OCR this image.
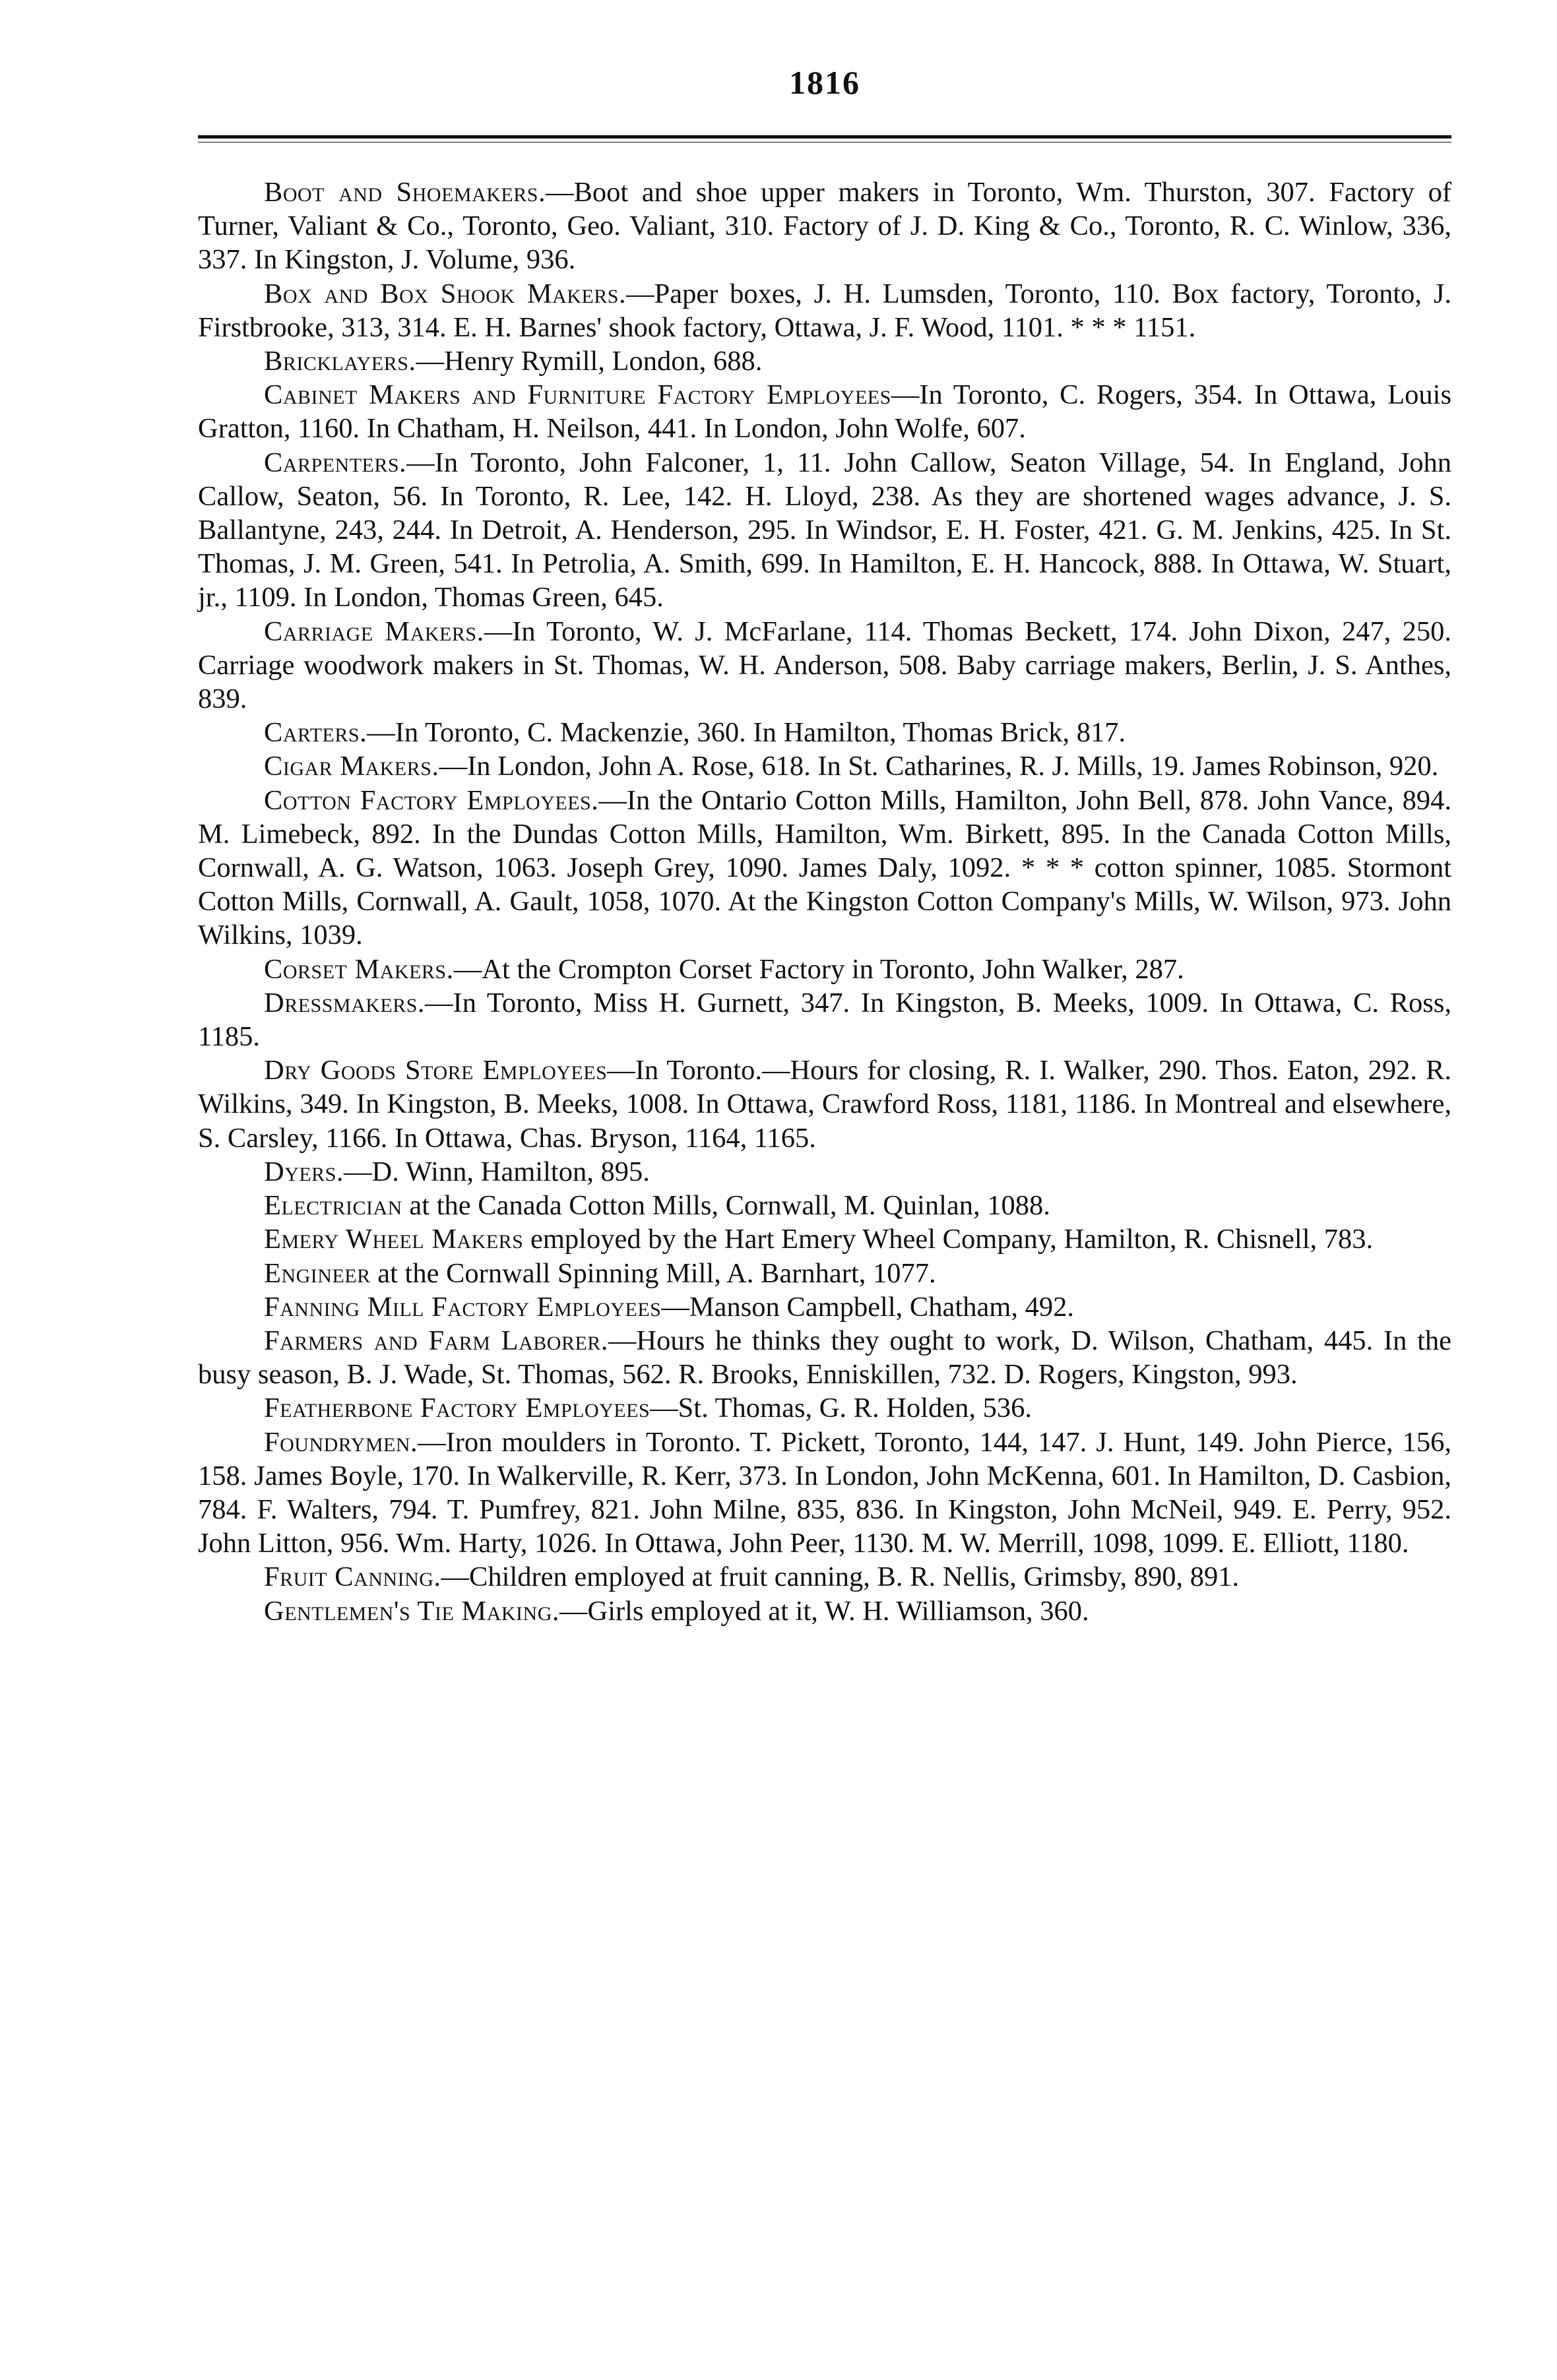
1816

Boot and Shoemakers.—Boot and shoe upper makers in Toronto, Wm. Thurston, 307. Factory of Turner, Valiant & Co., Toronto, Geo. Valiant, 310. Factory of J. D. King & Co., Toronto, R. C. Winlow, 336, 337. In Kingston, J. Volume, 936.

Box and Box Shook Makers.—Paper boxes, J. H. Lumsden, Toronto, 110. Box factory, Toronto, J. Firstbrooke, 313, 314. E. H. Barnes' shook factory, Ottawa, J. F. Wood, 1101. * * * 1151.

Bricklayers.—Henry Rymill, London, 688.

Cabinet Makers and Furniture Factory Employees—In Toronto, C. Rogers, 354. In Ottawa, Louis Gratton, 1160. In Chatham, H. Neilson, 441. In London, John Wolfe, 607.

Carpenters.—In Toronto, John Falconer, 1, 11. John Callow, Seaton Village, 54. In England, John Callow, Seaton, 56. In Toronto, R. Lee, 142. H. Lloyd, 238. As they are shortened wages advance, J. S. Ballantyne, 243, 244. In Detroit, A. Henderson, 295. In Windsor, E. H. Foster, 421. G. M. Jenkins, 425. In St. Thomas, J. M. Green, 541. In Petrolia, A. Smith, 699. In Hamilton, E. H. Hancock, 888. In Ottawa, W. Stuart, jr., 1109. In London, Thomas Green, 645.

Carriage Makers.—In Toronto, W. J. McFarlane, 114. Thomas Beckett, 174. John Dixon, 247, 250. Carriage woodwork makers in St. Thomas, W. H. Anderson, 508. Baby carriage makers, Berlin, J. S. Anthes, 839.

Carters.—In Toronto, C. Mackenzie, 360. In Hamilton, Thomas Brick, 817.

Cigar Makers.—In London, John A. Rose, 618. In St. Catharines, R. J. Mills, 19. James Robinson, 920.

Cotton Factory Employees.—In the Ontario Cotton Mills, Hamilton, John Bell, 878. John Vance, 894. M. Limebeck, 892. In the Dundas Cotton Mills, Hamilton, Wm. Birkett, 895. In the Canada Cotton Mills, Cornwall, A. G. Watson, 1063. Joseph Grey, 1090. James Daly, 1092. * * * cotton spinner, 1085. Stormont Cotton Mills, Cornwall, A. Gault, 1058, 1070. At the Kingston Cotton Company's Mills, W. Wilson, 973. John Wilkins, 1039.

Corset Makers.—At the Crompton Corset Factory in Toronto, John Walker, 287.

Dressmakers.—In Toronto, Miss H. Gurnett, 347. In Kingston, B. Meeks, 1009. In Ottawa, C. Ross, 1185.

Dry Goods Store Employees—In Toronto.—Hours for closing, R. I. Walker, 290. Thos. Eaton, 292. R. Wilkins, 349. In Kingston, B. Meeks, 1008. In Ottawa, Crawford Ross, 1181, 1186. In Montreal and elsewhere, S. Carsley, 1166. In Ottawa, Chas. Bryson, 1164, 1165.

Dyers.—D. Winn, Hamilton, 895.

Electrician at the Canada Cotton Mills, Cornwall, M. Quinlan, 1088.

Emery Wheel Makers employed by the Hart Emery Wheel Company, Hamilton, R. Chisnell, 783.

Engineer at the Cornwall Spinning Mill, A. Barnhart, 1077.

Fanning Mill Factory Employees—Manson Campbell, Chatham, 492.

Farmers and Farm Laborer.—Hours he thinks they ought to work, D. Wilson, Chatham, 445. In the busy season, B. J. Wade, St. Thomas, 562. R. Brooks, Enniskillen, 732. D. Rogers, Kingston, 993.

Featherbone Factory Employees—St. Thomas, G. R. Holden, 536.

Foundrymen.—Iron moulders in Toronto. T. Pickett, Toronto, 144, 147. J. Hunt, 149. John Pierce, 156, 158. James Boyle, 170. In Walkerville, R. Kerr, 373. In London, John McKenna, 601. In Hamilton, D. Casbion, 784. F. Walters, 794. T. Pumfrey, 821. John Milne, 835, 836. In Kingston, John McNeil, 949. E. Perry, 952. John Litton, 956. Wm. Harty, 1026. In Ottawa, John Peer, 1130. M. W. Merrill, 1098, 1099. E. Elliott, 1180.

Fruit Canning.—Children employed at fruit canning, B. R. Nellis, Grimsby, 890, 891.

Gentlemen's Tie Making.—Girls employed at it, W. H. Williamson, 360.
